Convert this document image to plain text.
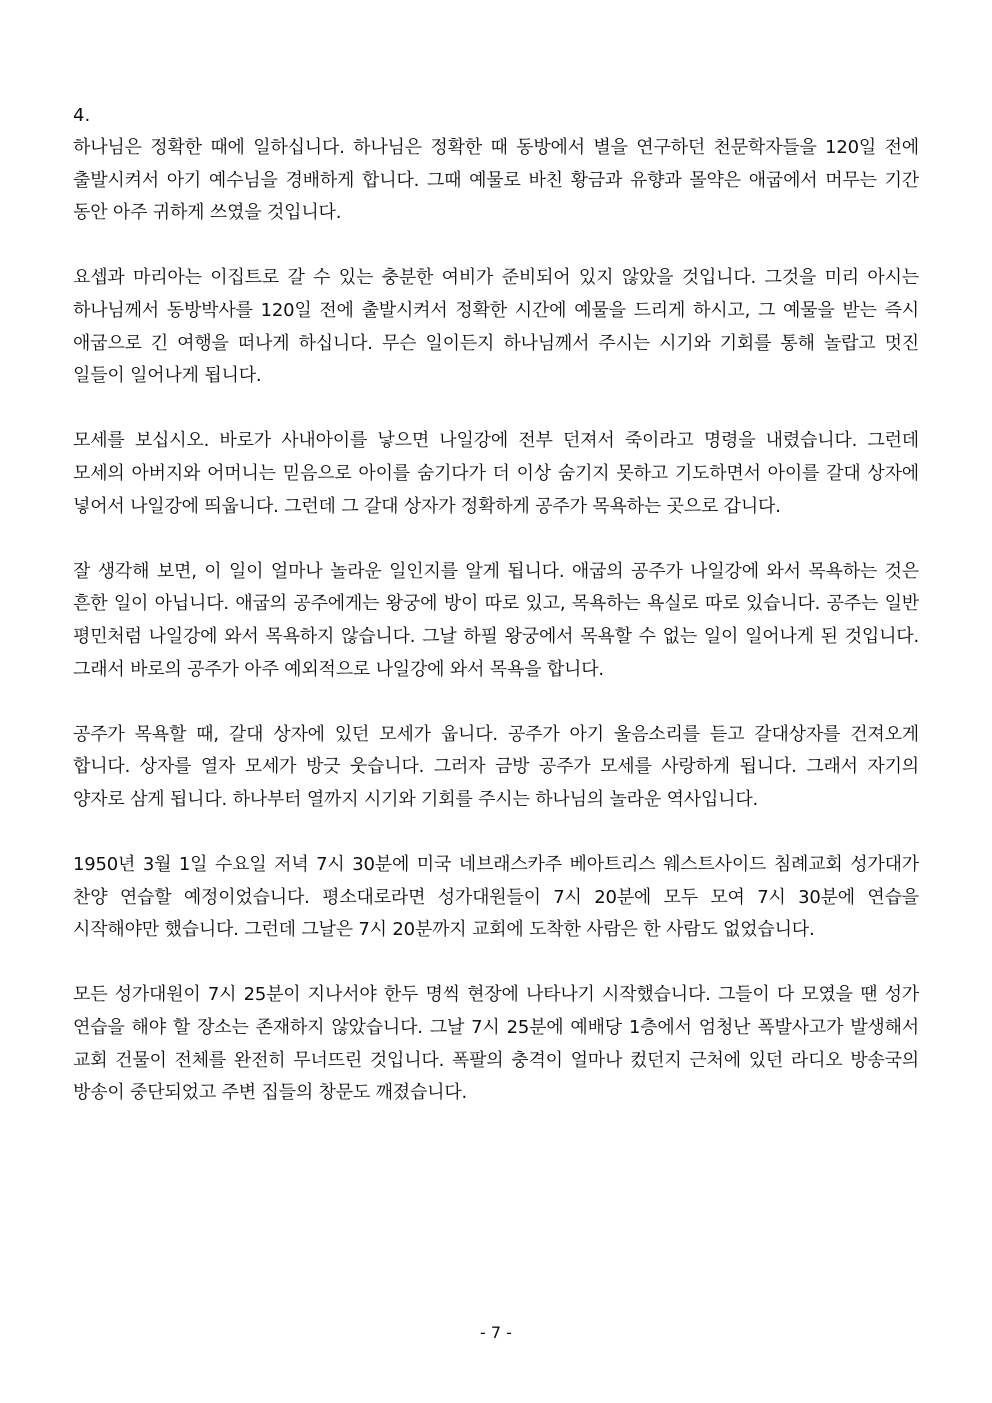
4.

하나님은 정확한 때에 일하십니다. 하나님은 정확한 때 동방에서 별을 연구하던 천문학자들을 120일 전에 출발시켜서 아기 예수님을 경배하게 합니다. 그때 예물로 바친 황금과 유향과 몰약은 애굽에서 머무는 기간 동안 아주 귀하게 쓰였을 것입니다.

요셉과 마리아는 이집트로 갈 수 있는 충분한 여비가 준비되어 있지 않았을 것입니다. 그것을 미리 아시는 하나님께서 동방박사를 120일 전에 출발시켜서 정확한 시간에 예물을 드리게 하시고, 그 예물을 받는 즉시 애굽으로 긴 여행을 떠나게 하십니다. 무슨 일이든지 하나님께서 주시는 시기와 기회를 통해 놀랍고 멋진 일들이 일어나게 됩니다.

모세를 보십시오. 바로가 사내아이를 낳으면 나일강에 전부 던져서 죽이라고 명령을 내렸습니다. 그런데 모세의 아버지와 어머니는 믿음으로 아이를 숨기다가 더 이상 숨기지 못하고 기도하면서 아이를 갈대 상자에 넣어서 나일강에 띄웁니다. 그런데 그 갈대 상자가 정확하게 공주가 목욕하는 곳으로 갑니다.

잘 생각해 보면, 이 일이 얼마나 놀라운 일인지를 알게 됩니다. 애굽의 공주가 나일강에 와서 목욕하는 것은 흔한 일이 아닙니다. 애굽의 공주에게는 왕궁에 방이 따로 있고, 목욕하는 욕실로 따로 있습니다. 공주는 일반 평민처럼 나일강에 와서 목욕하지 않습니다. 그날 하필 왕궁에서 목욕할 수 없는 일이 일어나게 된 것입니다. 그래서 바로의 공주가 아주 예외적으로 나일강에 와서 목욕을 합니다.

공주가 목욕할 때, 갈대 상자에 있던 모세가 웁니다. 공주가 아기 울음소리를 듣고 갈대상자를 건져오게 합니다. 상자를 열자 모세가 방긋 웃습니다. 그러자 금방 공주가 모세를 사랑하게 됩니다. 그래서 자기의 양자로 삼게 됩니다. 하나부터 열까지 시기와 기회를 주시는 하나님의 놀라운 역사입니다.

1950년 3월 1일 수요일 저녁 7시 30분에 미국 네브래스카주 베아트리스 웨스트사이드 침례교회 성가대가 찬양 연습할 예정이었습니다. 평소대로라면 성가대원들이 7시 20분에 모두 모여 7시 30분에 연습을 시작해야만 했습니다. 그런데 그날은 7시 20분까지 교회에 도착한 사람은 한 사람도 없었습니다.

모든 성가대원이 7시 25분이 지나서야 한두 명씩 현장에 나타나기 시작했습니다. 그들이 다 모였을 땐 성가 연습을 해야 할 장소는 존재하지 않았습니다. 그날 7시 25분에 예배당 1층에서 엄청난 폭발사고가 발생해서 교회 건물이 전체를 완전히 무너뜨린 것입니다. 폭팔의 충격이 얼마나 컸던지 근처에 있던 라디오 방송국의 방송이 중단되었고 주변 집들의 창문도 깨졌습니다.

- 7 -
